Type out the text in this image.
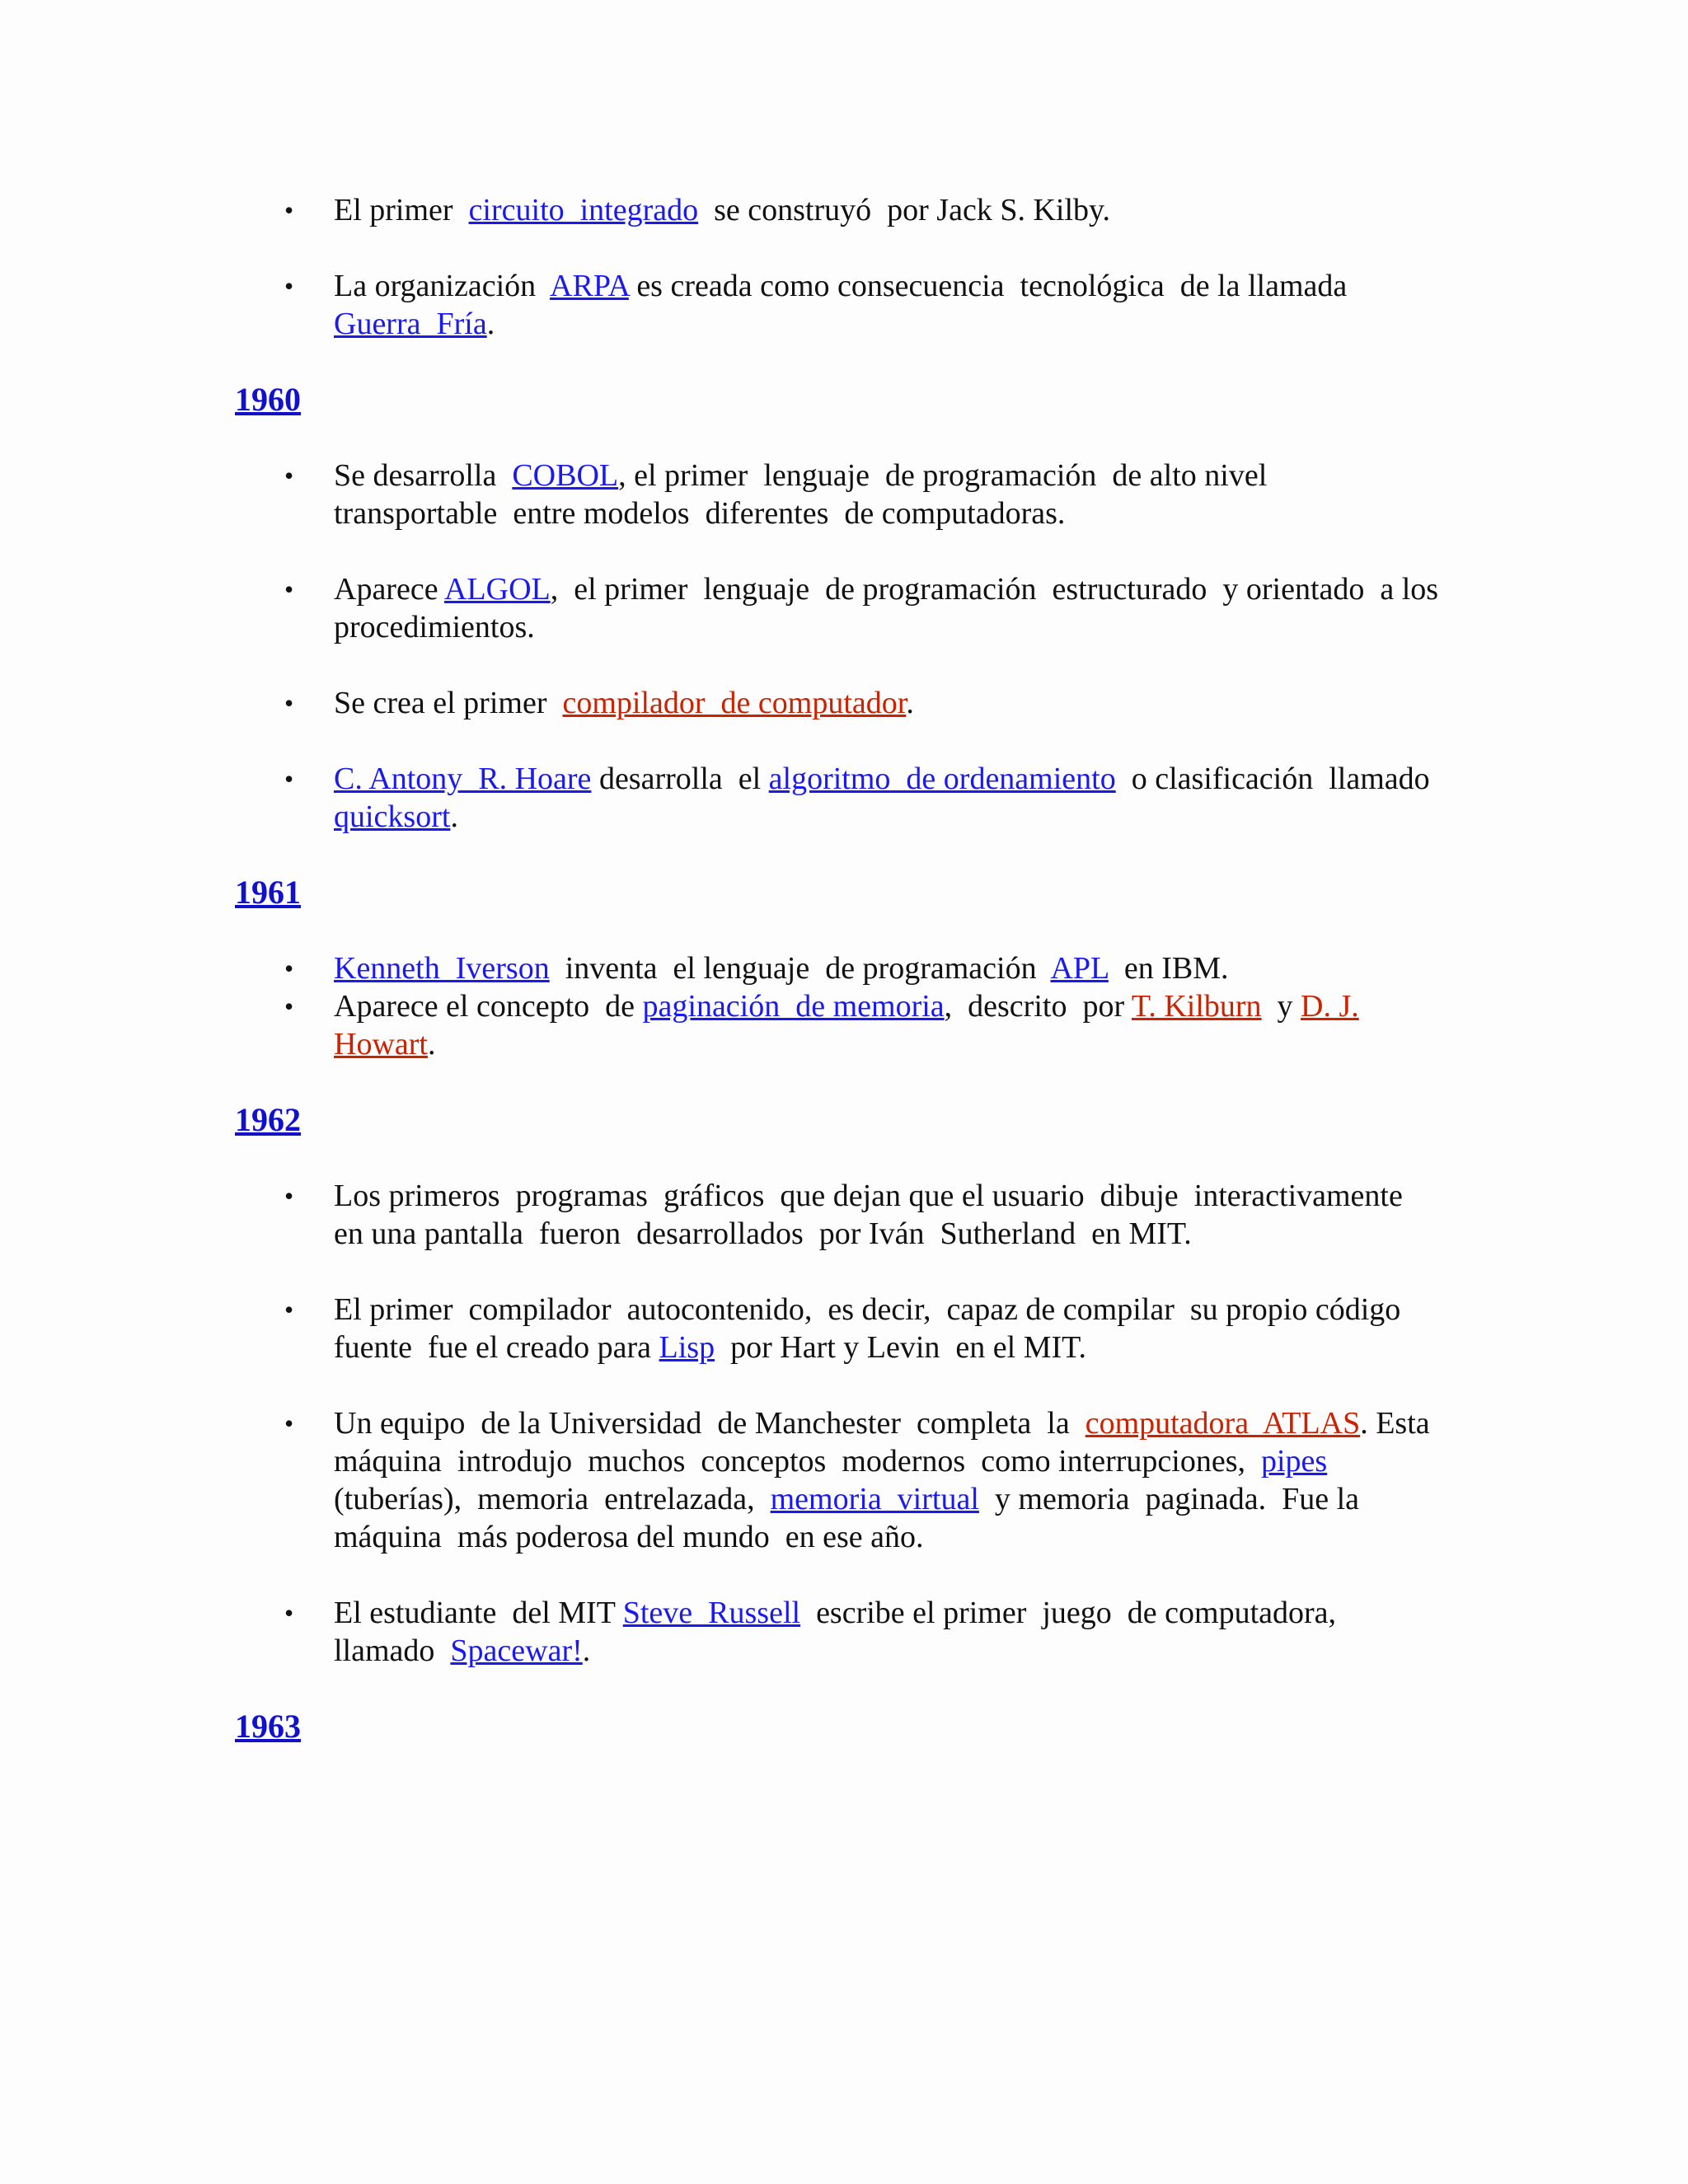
• El primer  circuito  integrado  se construyó  por Jack S. Kilby.
• La organización  ARPA es creada como consecuencia  tecnológica  de la llamada
Guerra  Fría.
1960
• Se desarrolla  COBOL, el primer  lenguaje  de programación  de alto nivel
transportable  entre modelos  diferentes  de computadoras.
• Aparece ALGOL,  el primer  lenguaje  de programación  estructurado  y orientado  a los
procedimientos.
• Se crea el primer  compilador  de computador.
• C. Antony  R. Hoare desarrolla  el algoritmo  de ordenamiento  o clasificación  llamado
quicksort.
1961
• Kenneth  Iverson  inventa  el lenguaje  de programación  APL  en IBM.
• Aparece el concepto  de paginación  de memoria,  descrito  por T. Kilburn  y D. J.
Howart.
1962
• Los primeros  programas  gráficos  que dejan que el usuario  dibuje  interactivamente
en una pantalla  fueron  desarrollados  por Iván  Sutherland  en MIT.
• El primer  compilador  autocontenido,  es decir,  capaz de compilar  su propio código
fuente  fue el creado para Lisp  por Hart y Levin  en el MIT.
• Un equipo  de la Universidad  de Manchester  completa  la  computadora  ATLAS. Esta
máquina  introdujo  muchos  conceptos  modernos  como interrupciones,  pipes
(tuberías),  memoria  entrelazada,  memoria  virtual  y memoria  paginada.  Fue la
máquina  más poderosa del mundo  en ese año.
• El estudiante  del MIT Steve  Russell  escribe el primer  juego  de computadora,
llamado  Spacewar!.
1963
